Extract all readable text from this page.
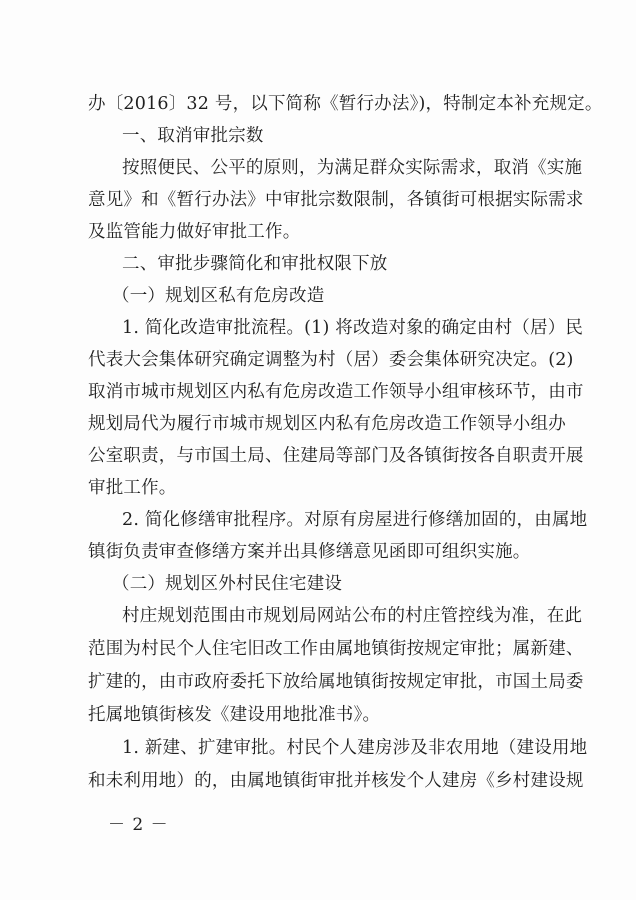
办〔2016〕32 号，以下简称《暂行办法》)，特制定本补充规定。
一、取消审批宗数
按照便民、公平的原则，为满足群众实际需求，取消《实施
意见》和《暂行办法》中审批宗数限制，各镇街可根据实际需求
及监管能力做好审批工作。
二、审批步骤简化和审批权限下放
（一）规划区私有危房改造
1. 简化改造审批流程。(1) 将改造对象的确定由村（居）民
代表大会集体研究确定调整为村（居）委会集体研究决定。(2)
取消市城市规划区内私有危房改造工作领导小组审核环节，由市
规划局代为履行市城市规划区内私有危房改造工作领导小组办
公室职责，与市国土局、住建局等部门及各镇街按各自职责开展
审批工作。
2. 简化修缮审批程序。对原有房屋进行修缮加固的，由属地
镇街负责审查修缮方案并出具修缮意见函即可组织实施。
（二）规划区外村民住宅建设
村庄规划范围由市规划局网站公布的村庄管控线为准，在此
范围为村民个人住宅旧改工作由属地镇街按规定审批；属新建、
扩建的，由市政府委托下放给属地镇街按规定审批，市国土局委
托属地镇街核发《建设用地批准书》。
1. 新建、扩建审批。村民个人建房涉及非农用地（建设用地
和未利用地）的，由属地镇街审批并核发个人建房《乡村建设规
－ 2 －
